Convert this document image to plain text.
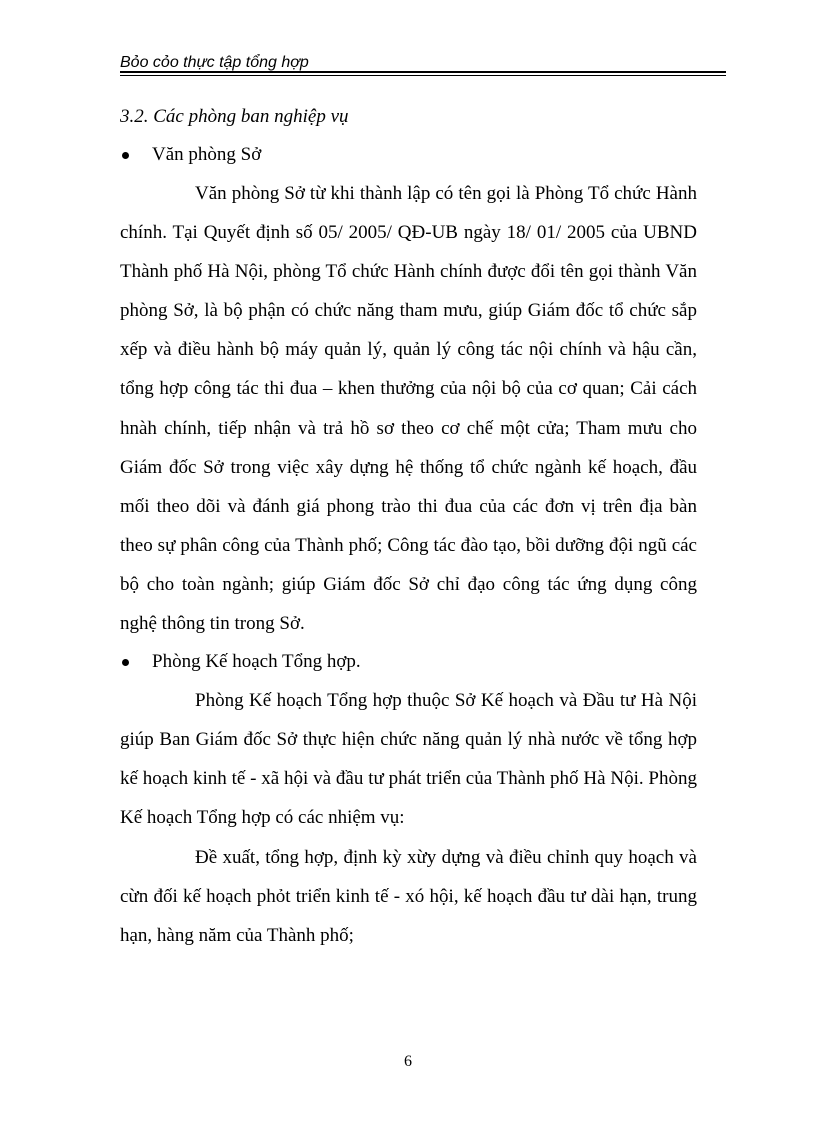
Bỏo cỏo thực tập tổng hợp

3.2. Các phòng ban nghiệp vụ

Văn phòng Sở

Văn phòng Sở từ khi thành lập có tên gọi là Phòng Tổ chức Hành chính. Tại Quyết định số 05/ 2005/ QĐ-UB ngày 18/ 01/ 2005 của UBND Thành phố Hà Nội, phòng Tổ chức Hành chính được đổi tên gọi thành Văn phòng Sở, là bộ phận có chức năng tham mưu, giúp Giám đốc tổ chức sắp xếp và điều hành bộ máy quản lý, quản lý công tác nội chính và hậu cần, tổng hợp công tác thi đua – khen thưởng của nội bộ của cơ quan; Cải cách hnàh chính, tiếp nhận và trả hồ sơ theo cơ chế một cửa; Tham mưu cho Giám đốc Sở trong việc xây dựng hệ thống tổ chức ngành kế hoạch, đầu mối theo dõi và đánh giá phong trào thi đua của các đơn vị trên địa bàn theo sự phân công của Thành phố; Công tác đào tạo, bồi dưỡng đội ngũ các bộ cho toàn ngành; giúp Giám đốc Sở chỉ đạo công tác ứng dụng công nghệ thông tin trong Sở.

Phòng Kế hoạch Tổng hợp.

Phòng Kế hoạch Tổng hợp thuộc Sở Kế hoạch và Đầu tư Hà Nội giúp Ban Giám đốc Sở thực hiện chức năng quản lý nhà nước về tổng hợp kế hoạch kinh tế - xã hội và đầu tư phát triển của Thành phố Hà Nội. Phòng Kế hoạch Tổng hợp có các nhiệm vụ:

Đề xuất, tổng hợp, định kỳ xừy dựng và điều chỉnh quy hoạch và cừn đối kế hoạch phỏt triển kinh tế - xó hội, kế hoạch đầu tư dài hạn, trung hạn, hàng năm của Thành phố;

6
